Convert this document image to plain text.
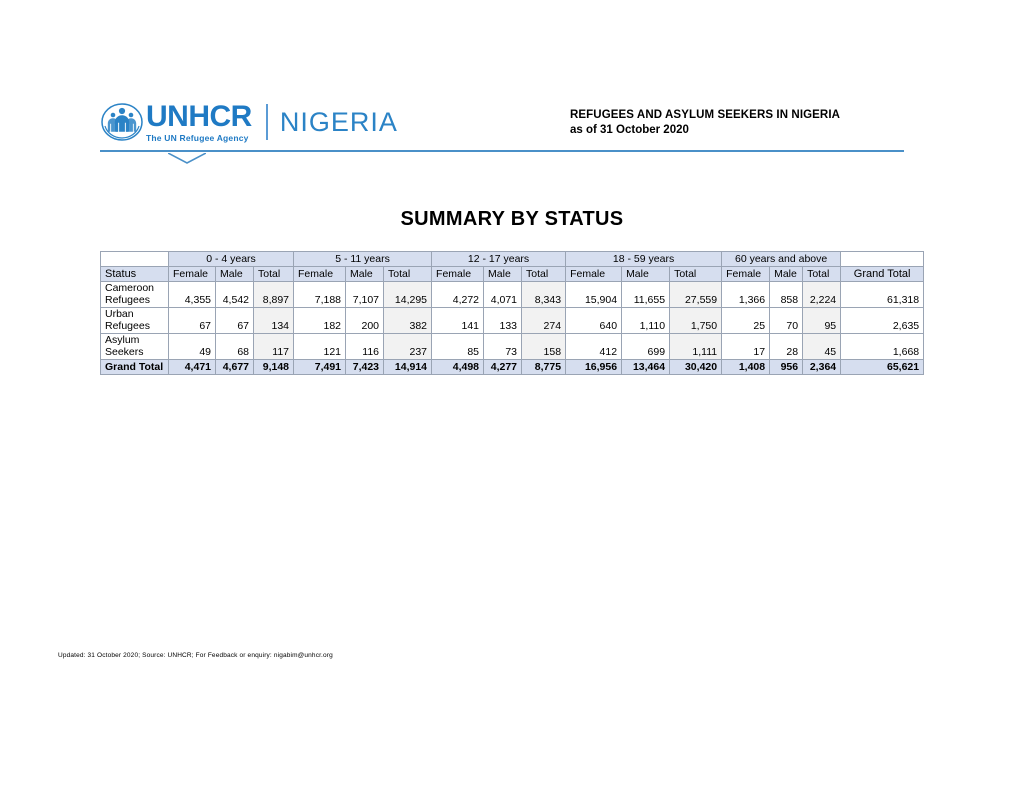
UNHCR
The UN Refugee Agency
NIGERIA	REFUGEES AND ASYLUM SEEKERS IN NIGERIA
as of 31 October 2020
SUMMARY BY STATUS
	0 - 4 years			5 - 11 years			12 - 17 years			18 - 59 years			60 years and above			
Status	Female	Male	Total	Female	Male	Total	Female	Male	Total	Female	Male	Total	Female	Male	Total	Grand Total

Cameroon
Refugees	4,355	4,542	8,897	7,188	7,107	14,295	4,272	4,071	8,343	15,904	11,655	27,559	1,366	858	2,224	61,318

Urban
Refugees	67	67	134	182	200	382	141	133	274	640	1,110	1,750	25	70	95	2,635

Asylum
Seekers	49	68	117	121	116	237	85	73	158	412	699	1,111	17	28	45	1,668
Grand Total	4,471	4,677	9,148	7,491	7,423	14,914	4,498	4,277	8,775	16,956	13,464	30,420	1,408	956	2,364	65,621
Updated: 31 October 2020; Source: UNHCR; For Feedback or enquiry: nigabim@unhcr.org
